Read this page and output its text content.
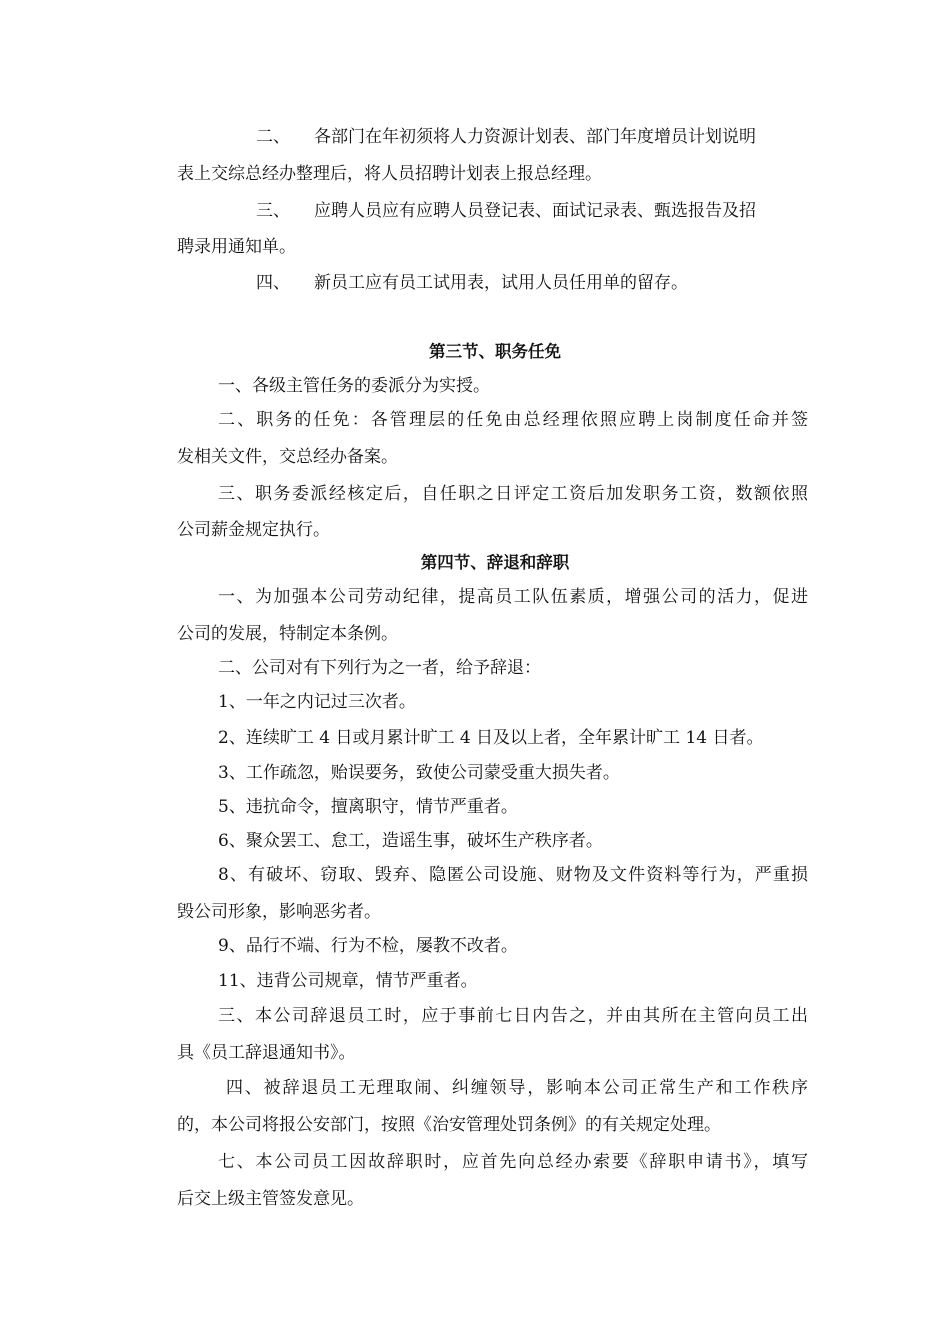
二、 各部门在年初须将人力资源计划表、部门年度增员计划说明
表上交综总经办整理后，将人员招聘计划表上报总经理。
三、 应聘人员应有应聘人员登记表、面试记录表、甄选报告及招
聘录用通知单。
四、 新员工应有员工试用表，试用人员任用单的留存。
第三节、职务任免
一、各级主管任务的委派分为实授。
二、职务的任免：各管理层的任免由总经理依照应聘上岗制度任命并签
发相关文件，交总经办备案。
三、职务委派经核定后，自任职之日评定工资后加发职务工资，数额依照
公司薪金规定执行。
第四节、辞退和辞职
一、为加强本公司劳动纪律，提高员工队伍素质，增强公司的活力，促进
公司的发展，特制定本条例。
二、公司对有下列行为之一者，给予辞退：
1、一年之内记过三次者。
2、连续旷工 4 日或月累计旷工 4 日及以上者，全年累计旷工 14 日者。
3、工作疏忽，贻误要务，致使公司蒙受重大损失者。
5、违抗命令，擅离职守，情节严重者。
6、聚众罢工、怠工，造谣生事，破坏生产秩序者。
8、有破坏、窃取、毁弃、隐匿公司设施、财物及文件资料等行为，严重损
毁公司形象，影响恶劣者。
9、品行不端、行为不检，屡教不改者。
11、违背公司规章，情节严重者。
三、本公司辞退员工时，应于事前七日内告之，并由其所在主管向员工出
具《员工辞退通知书》。
四、被辞退员工无理取闹、纠缠领导，影响本公司正常生产和工作秩序
的，本公司将报公安部门，按照《治安管理处罚条例》的有关规定处理。
七、本公司员工因故辞职时，应首先向总经办索要《辞职申请书》，填写
后交上级主管签发意见。
